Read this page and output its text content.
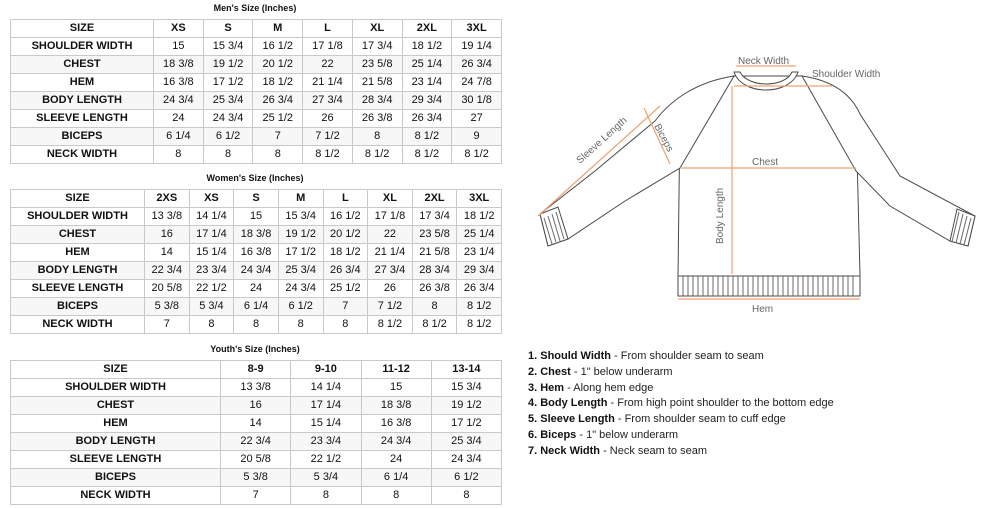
Men's Size (Inches)
SIZE	XS	S	M	L	XL	2XL	3XL
SHOULDER WIDTH	15	15 3/4	16 1/2	17 1/8	17 3/4	18 1/2	19 1/4
CHEST	18 3/8	19 1/2	20 1/2	22	23 5/8	25 1/4	26 3/4
HEM	16 3/8	17 1/2	18 1/2	21 1/4	21 5/8	23 1/4	24 7/8
BODY LENGTH	24 3/4	25 3/4	26 3/4	27 3/4	28 3/4	29 3/4	30 1/8
SLEEVE LENGTH	24	24 3/4	25 1/2	26	26 3/8	26 3/4	27
BICEPS	6 1/4	6 1/2	7	7 1/2	8	8 1/2	9
NECK WIDTH	8	8	8	8 1/2	8 1/2	8 1/2	8 1/2
Women's Size (Inches)
SIZE	2XS	XS	S	M	L	XL	2XL	3XL
SHOULDER WIDTH	13 3/8	14 1/4	15	15 3/4	16 1/2	17 1/8	17 3/4	18 1/2
CHEST	16	17 1/4	18 3/8	19 1/2	20 1/2	22	23 5/8	25 1/4
HEM	14	15 1/4	16 3/8	17 1/2	18 1/2	21 1/4	21 5/8	23 1/4
BODY LENGTH	22 3/4	23 3/4	24 3/4	25 3/4	26 3/4	27 3/4	28 3/4	29 3/4
SLEEVE LENGTH	20 5/8	22 1/2	24	24 3/4	25 1/2	26	26 3/8	26 3/4
BICEPS	5 3/8	5 3/4	6 1/4	6 1/2	7	7 1/2	8	8 1/2
NECK WIDTH	7	8	8	8	8	8 1/2	8 1/2	8 1/2
Youth's Size (Inches)
SIZE	8-9	9-10	11-12	13-14
SHOULDER WIDTH	13 3/8	14 1/4	15	15 3/4
CHEST	16	17 1/4	18 3/8	19 1/2
HEM	14	15 1/4	16 3/8	17 1/2
BODY LENGTH	22 3/4	23 3/4	24 3/4	25 3/4
SLEEVE LENGTH	20 5/8	22 1/2	24	24 3/4
BICEPS	5 3/8	5 3/4	6 1/4	6 1/2
NECK WIDTH	7	8	8	8
Neck Width
Shoulder Width
Sleeve Length Biceps
Chest
Body Length
Hem
1. Should Width - From shoulder seam to seam
2. Chest - 1" below underarm
3. Hem - Along hem edge
4. Body Length - From high point shoulder to the bottom edge
5. Sleeve Length - From shoulder seam to cuff edge
6. Biceps - 1" below underarm
7. Neck Width - Neck seam to seam
